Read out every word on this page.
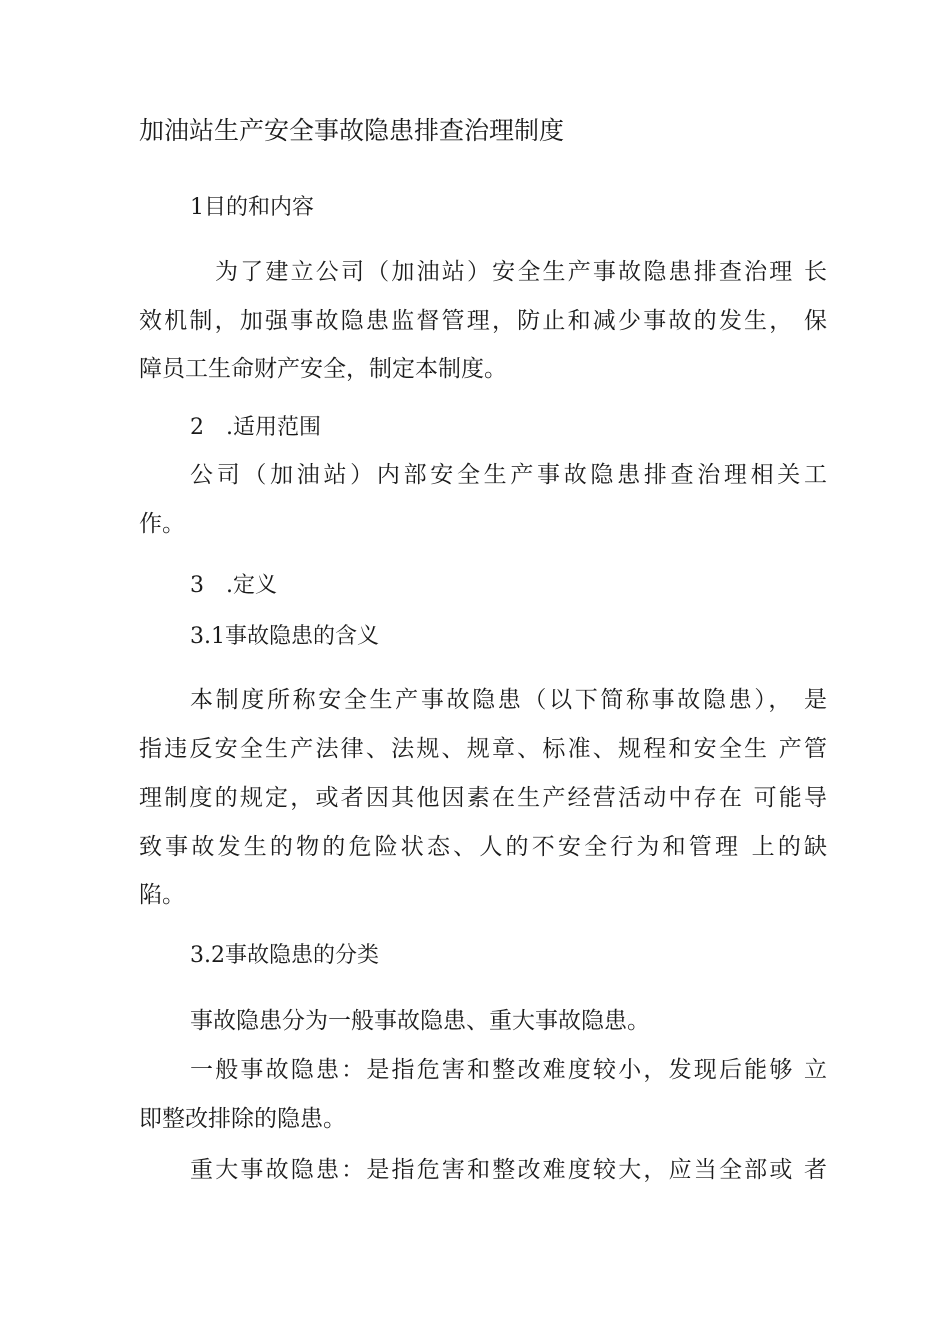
加油站生产安全事故隐患排查治理制度
1目的和内容
为了建立公司（加油站）安全生产事故隐患排查治理 长
效机制，加强事故隐患监督管理，防止和减少事故的发生， 保
障员工生命财产安全，制定本制度。
2　.适用范围
公司（加油站）内部安全生产事故隐患排查治理相关工
作。
3　.定义
3.1事故隐患的含义
本制度所称安全生产事故隐患（以下简称事故隐患）， 是
指违反安全生产法律、法规、规章、标准、规程和安全生 产管
理制度的规定，或者因其他因素在生产经营活动中存在 可能导
致事故发生的物的危险状态、人的不安全行为和管理 上的缺
陷。
3.2事故隐患的分类
事故隐患分为一般事故隐患、重大事故隐患。
一般事故隐患：是指危害和整改难度较小，发现后能够 立
即整改排除的隐患。
重大事故隐患：是指危害和整改难度较大，应当全部或 者
